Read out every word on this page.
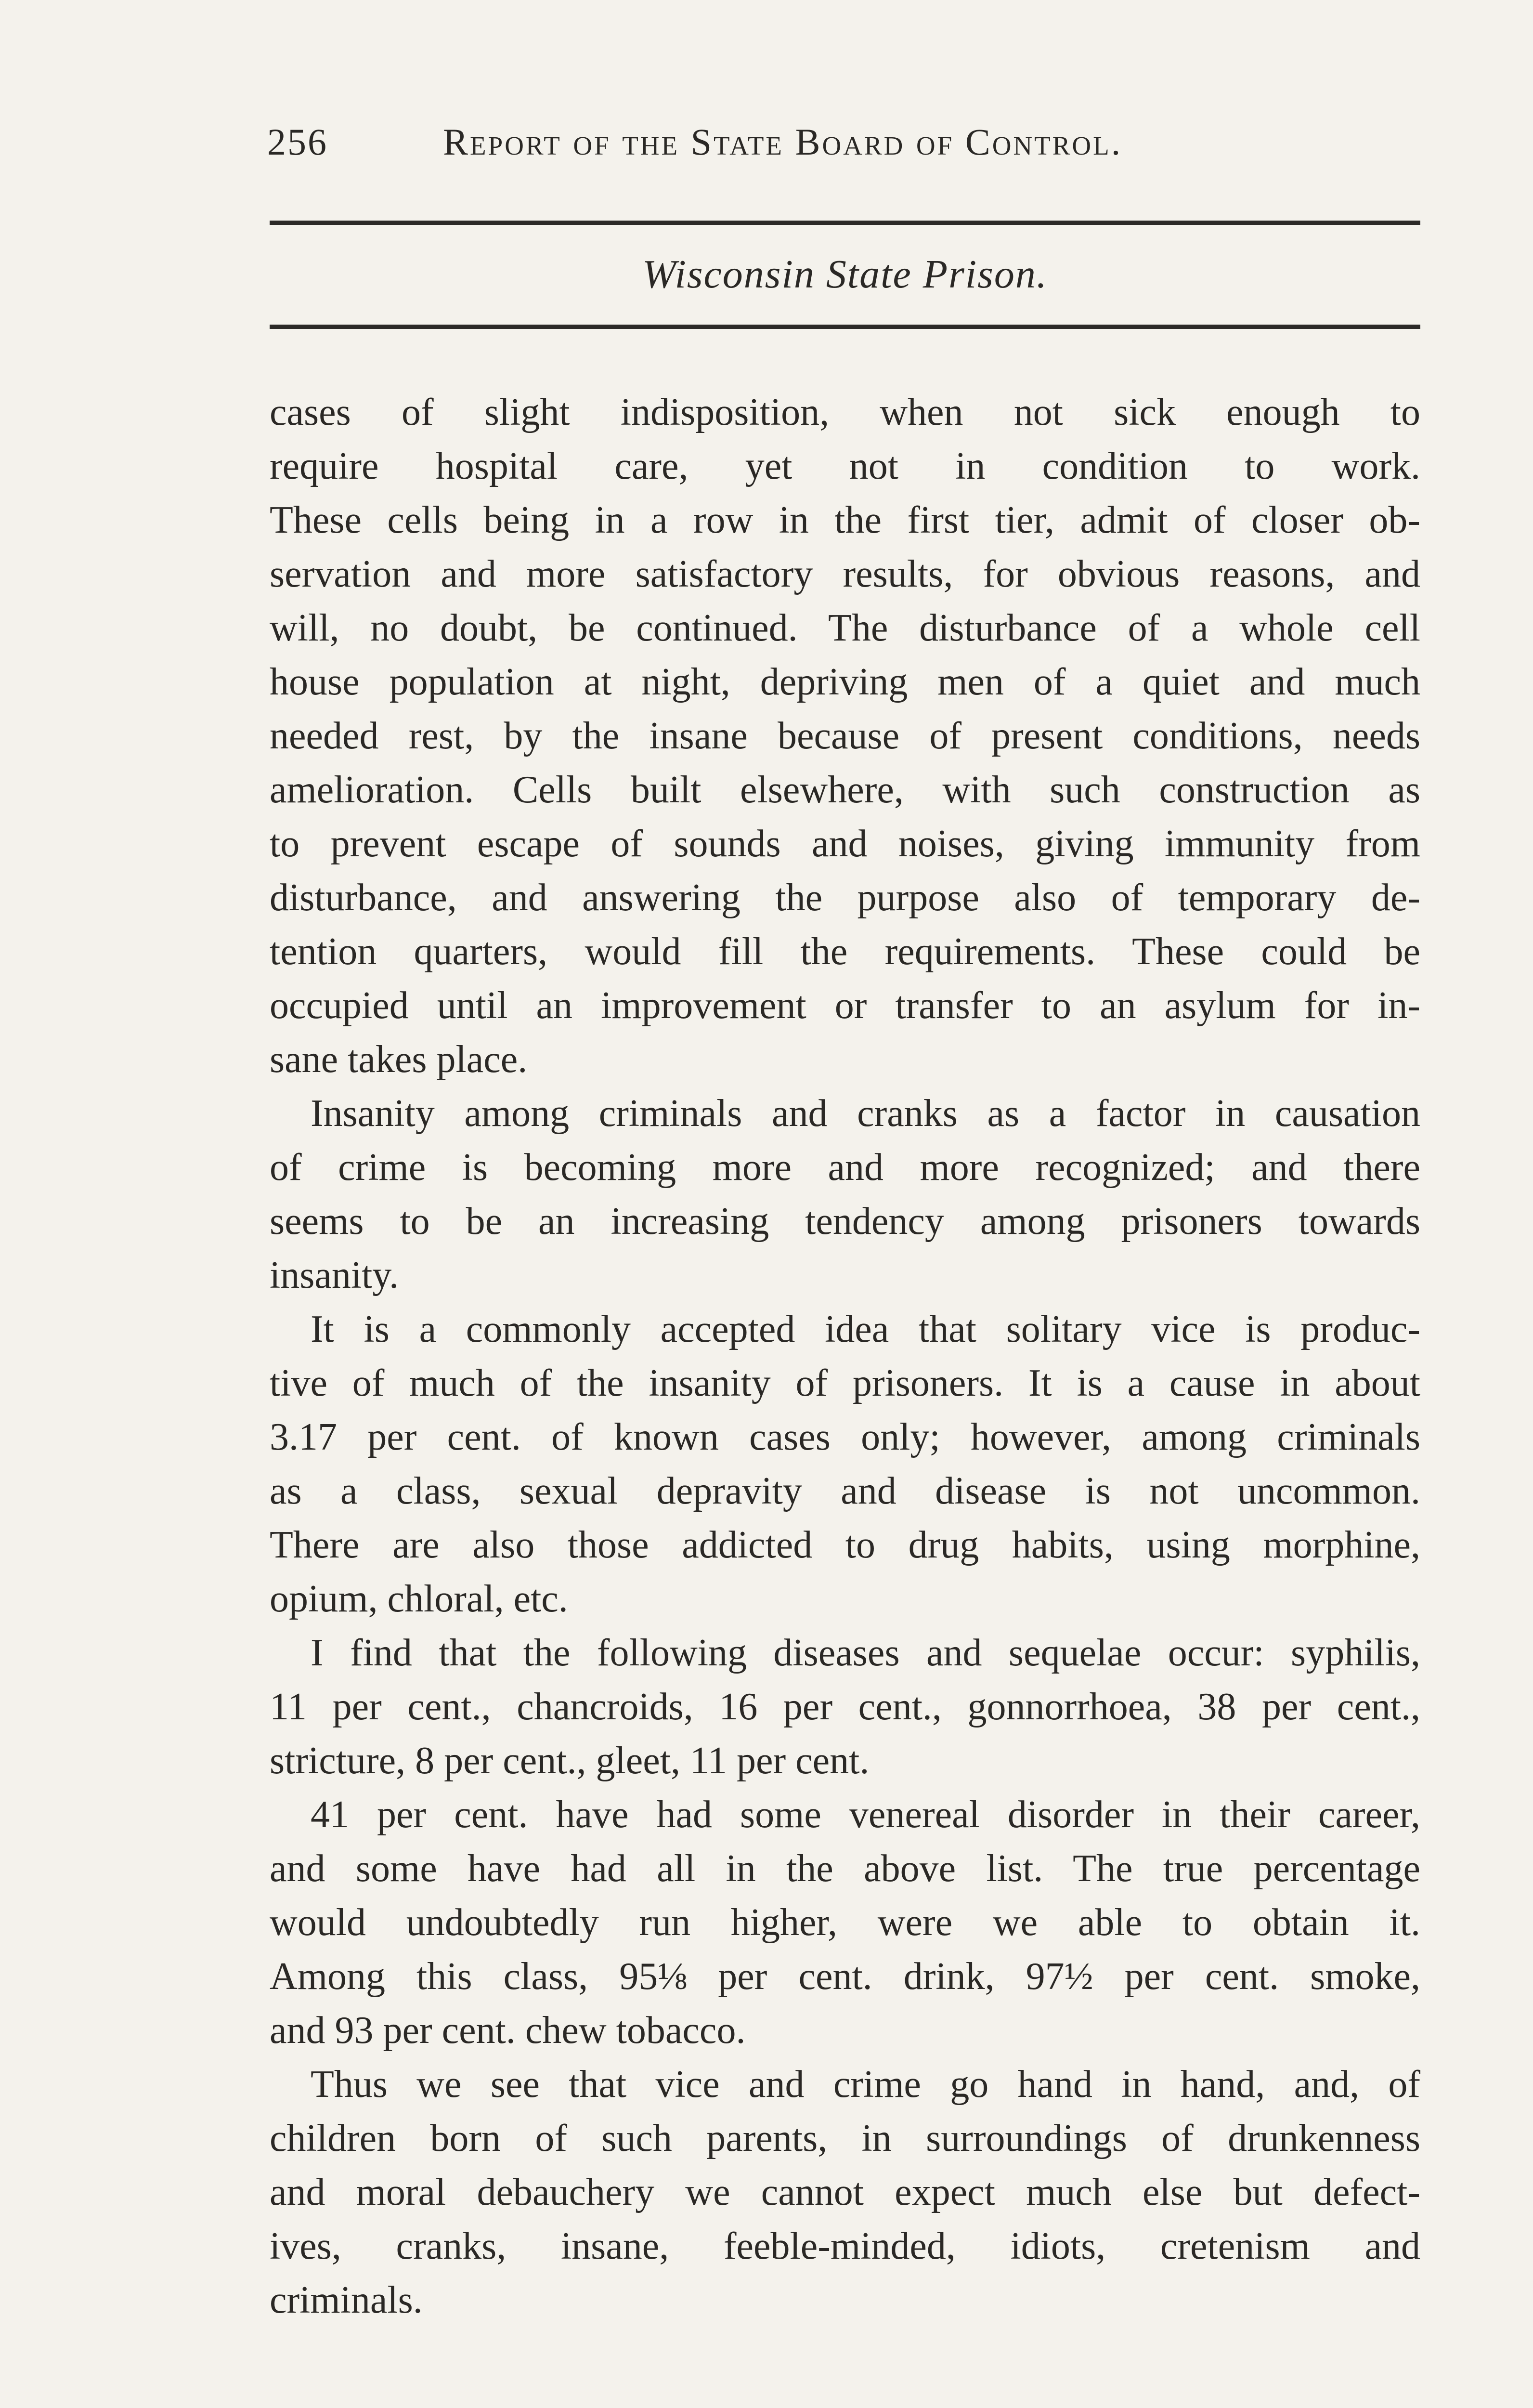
256	Report of the State Board of Control.
Wisconsin State Prison.
cases of slight indisposition, when not sick enough to
require hospital care, yet not in condition to work.
These cells being in a row in the first tier, admit of closer ob-
servation and more satisfactory results, for obvious reasons, and
will, no doubt, be continued. The disturbance of a whole cell
house population at night, depriving men of a quiet and much
needed rest, by the insane because of present conditions, needs
amelioration. Cells built elsewhere, with such construction as
to prevent escape of sounds and noises, giving immunity from
disturbance, and answering the purpose also of temporary de-
tention quarters, would fill the requirements. These could be
occupied until an improvement or transfer to an asylum for in-
sane takes place.
Insanity among criminals and cranks as a factor in causation
of crime is becoming more and more recognized; and there
seems to be an increasing tendency among prisoners towards
insanity.
It is a commonly accepted idea that solitary vice is produc-
tive of much of the insanity of prisoners. It is a cause in about
3.17 per cent. of known cases only; however, among criminals
as a class, sexual depravity and disease is not uncommon.
There are also those addicted to drug habits, using morphine,
opium, chloral, etc.
I find that the following diseases and sequelae occur: syphilis,
11 per cent., chancroids, 16 per cent., gonnorrhoea, 38 per cent.,
stricture, 8 per cent., gleet, 11 per cent.
41 per cent. have had some venereal disorder in their career,
and some have had all in the above list. The true percentage
would undoubtedly run higher, were we able to obtain it.
Among this class, 95⅛ per cent. drink, 97½ per cent. smoke,
and 93 per cent. chew tobacco.
Thus we see that vice and crime go hand in hand, and, of
children born of such parents, in surroundings of drunkenness
and moral debauchery we cannot expect much else but defect-
ives, cranks, insane, feeble-minded, idiots, cretenism and
criminals.
